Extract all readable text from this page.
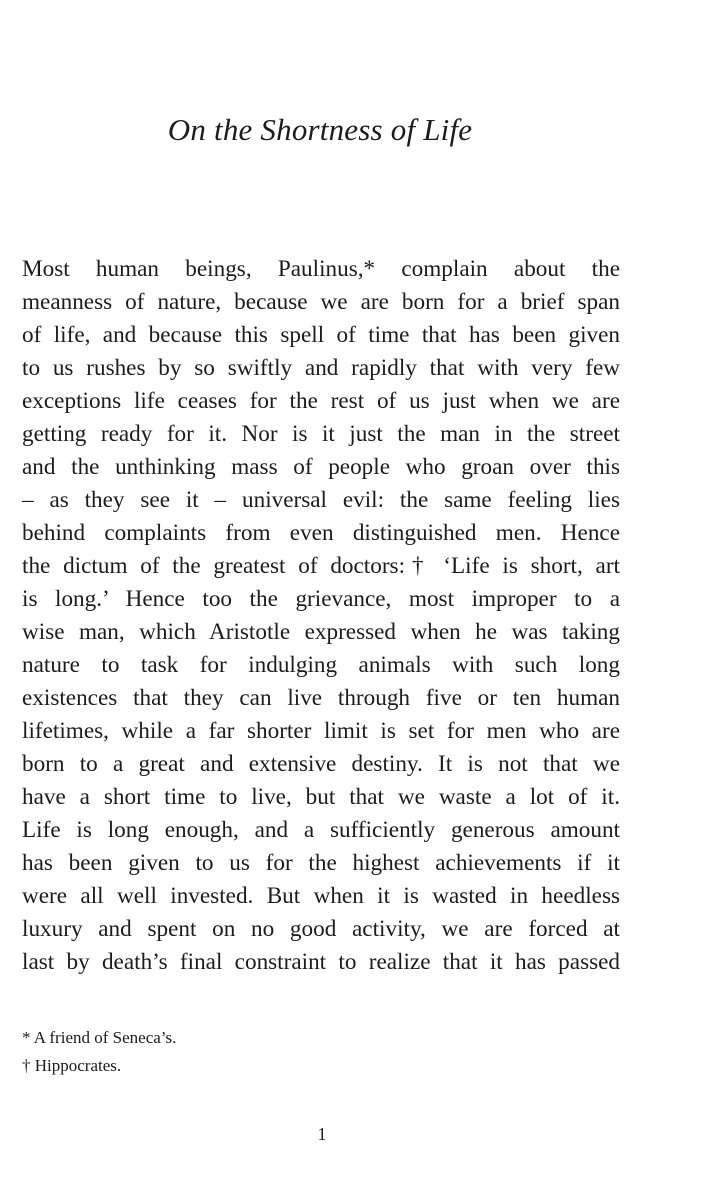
On the Shortness of Life
Most human beings, Paulinus,* complain about the
meanness of nature, because we are born for a brief span
of life, and because this spell of time that has been given
to us rushes by so swiftly and rapidly that with very few
exceptions life ceases for the rest of us just when we are
getting ready for it. Nor is it just the man in the street
and the unthinking mass of people who groan over this
– as they see it – universal evil: the same feeling lies
behind complaints from even distinguished men. Hence
the dictum of the greatest of doctors:† ‘Life is short, art
is long.’ Hence too the grievance, most improper to a
wise man, which Aristotle expressed when he was taking
nature to task for indulging animals with such long
existences that they can live through five or ten human
lifetimes, while a far shorter limit is set for men who are
born to a great and extensive destiny. It is not that we
have a short time to live, but that we waste a lot of it.
Life is long enough, and a sufficiently generous amount
has been given to us for the highest achievements if it
were all well invested. But when it is wasted in heedless
luxury and spent on no good activity, we are forced at
last by death’s final constraint to realize that it has passed
* A friend of Seneca’s.
† Hippocrates.
1
